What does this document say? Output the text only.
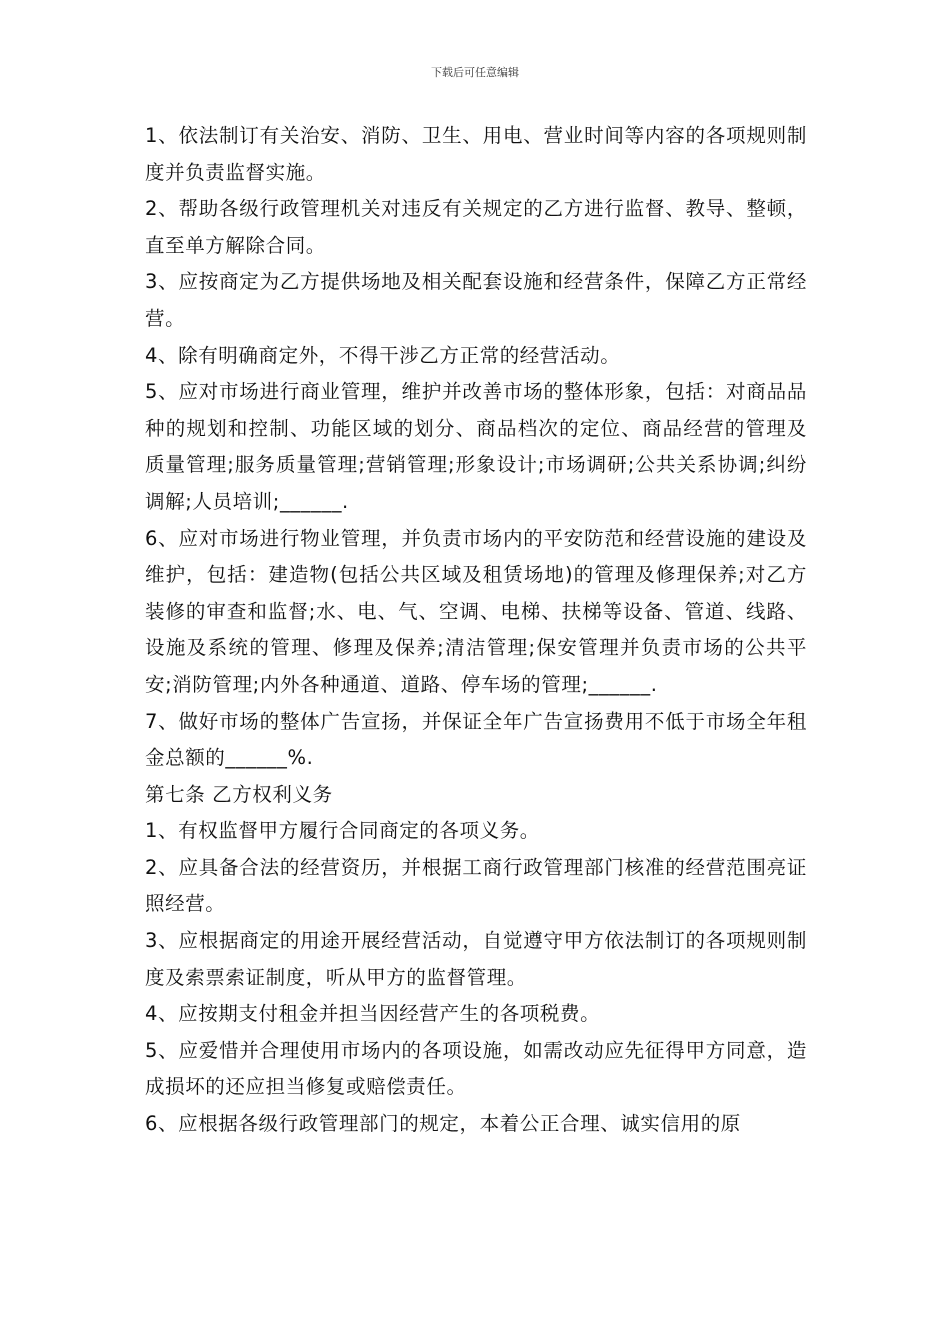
下载后可任意编辑

1、依法制订有关治安、消防、卫生、用电、营业时间等内容的各项规则制度并负责监督实施。

2、帮助各级行政管理机关对违反有关规定的乙方进行监督、教导、整顿，直至单方解除合同。

3、应按商定为乙方提供场地及相关配套设施和经营条件，保障乙方正常经营。

4、除有明确商定外，不得干涉乙方正常的经营活动。

5、应对市场进行商业管理，维护并改善市场的整体形象，包括：对商品品种的规划和控制、功能区域的划分、商品档次的定位、商品经营的管理及质量管理;服务质量管理;营销管理;形象设计;市场调研;公共关系协调;纠纷调解;人员培训;______.

6、应对市场进行物业管理，并负责市场内的平安防范和经营设施的建设及维护，包括：建造物(包括公共区域及租赁场地)的管理及修理保养;对乙方装修的审查和监督;水、电、气、空调、电梯、扶梯等设备、管道、线路、设施及系统的管理、修理及保养;清洁管理;保安管理并负责市场的公共平安;消防管理;内外各种通道、道路、停车场的管理;______.

7、做好市场的整体广告宣扬，并保证全年广告宣扬费用不低于市场全年租金总额的______%.

第七条 乙方权利义务

1、有权监督甲方履行合同商定的各项义务。

2、应具备合法的经营资历，并根据工商行政管理部门核准的经营范围亮证照经营。

3、应根据商定的用途开展经营活动，自觉遵守甲方依法制订的各项规则制度及索票索证制度，听从甲方的监督管理。

4、应按期支付租金并担当因经营产生的各项税费。

5、应爱惜并合理使用市场内的各项设施，如需改动应先征得甲方同意，造成损坏的还应担当修复或赔偿责任。

6、应根据各级行政管理部门的规定，本着公正合理、诚实信用的原
